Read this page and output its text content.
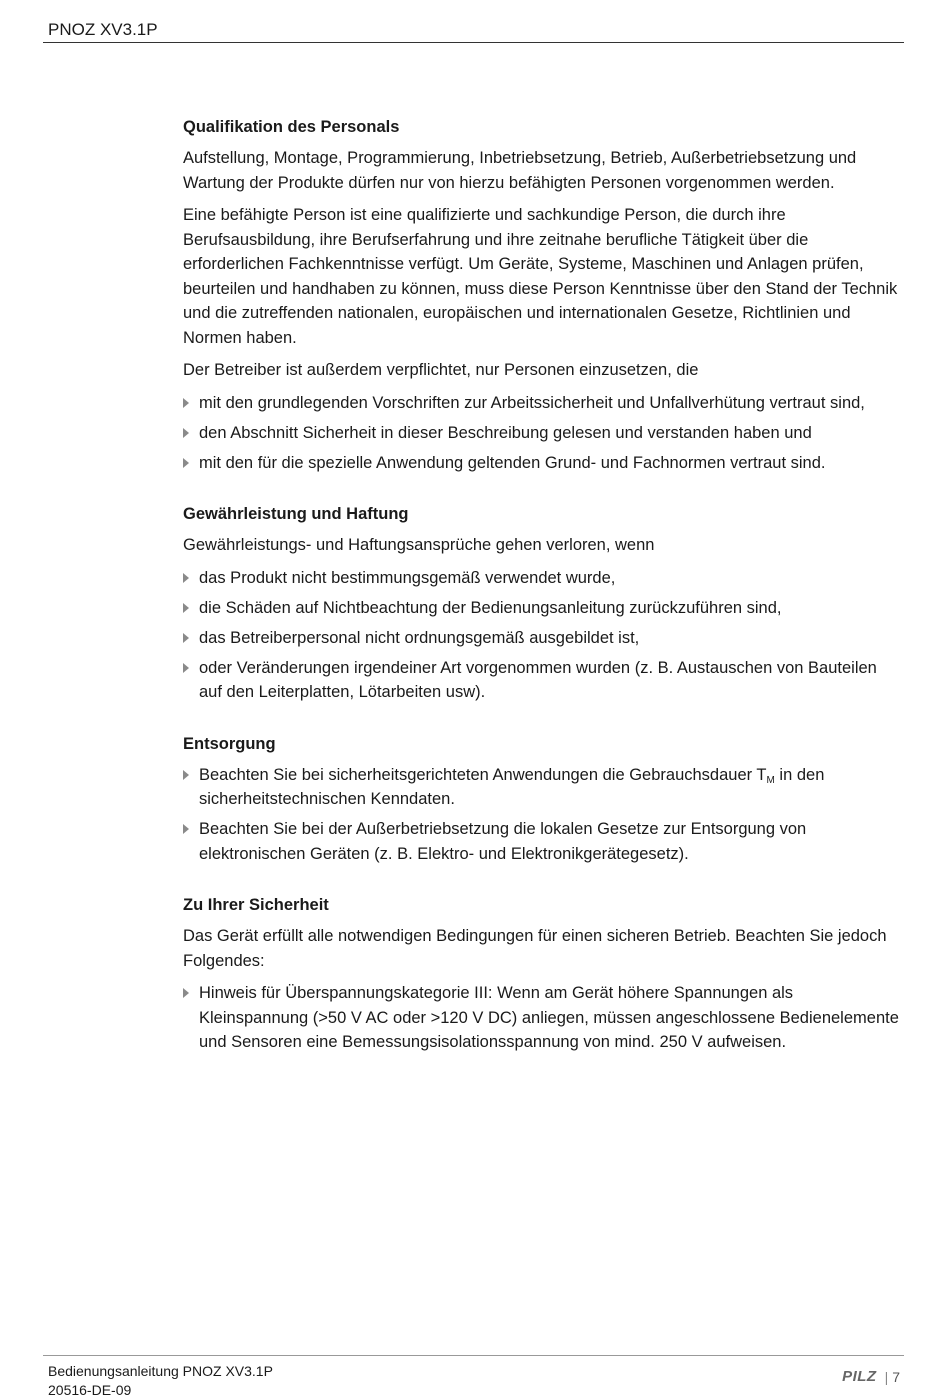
PNOZ XV3.1P
Qualifikation des Personals

Aufstellung, Montage, Programmierung, Inbetriebsetzung, Betrieb, Außerbetriebsetzung und Wartung der Produkte dürfen nur von hierzu befähigten Personen vorgenommen werden.

Eine befähigte Person ist eine qualifizierte und sachkundige Person, die durch ihre Berufsausbildung, ihre Berufserfahrung und ihre zeitnahe berufliche Tätigkeit über die erforderlichen Fachkenntnisse verfügt. Um Geräte, Systeme, Maschinen und Anlagen prüfen, beurteilen und handhaben zu können, muss diese Person Kenntnisse über den Stand der Technik und die zutreffenden nationalen, europäischen und internationalen Gesetze, Richtlinien und Normen haben.

Der Betreiber ist außerdem verpflichtet, nur Personen einzusetzen, die

mit den grundlegenden Vorschriften zur Arbeitssicherheit und Unfallverhütung vertraut sind,
den Abschnitt Sicherheit in dieser Beschreibung gelesen und verstanden haben und
mit den für die spezielle Anwendung geltenden Grund- und Fachnormen vertraut sind.
Gewährleistung und Haftung

Gewährleistungs- und Haftungsansprüche gehen verloren, wenn

das Produkt nicht bestimmungsgemäß verwendet wurde,
die Schäden auf Nichtbeachtung der Bedienungsanleitung zurückzuführen sind,
das Betreiberpersonal nicht ordnungsgemäß ausgebildet ist,
oder Veränderungen irgendeiner Art vorgenommen wurden (z. B. Austauschen von Bauteilen auf den Leiterplatten, Lötarbeiten usw).
Entsorgung
Beachten Sie bei sicherheitsgerichteten Anwendungen die Gebrauchsdauer $T_M$ in den sicherheitstechnischen Kenndaten.
Beachten Sie bei der Außerbetriebsetzung die lokalen Gesetze zur Entsorgung von elektronischen Geräten (z. B. Elektro- und Elektronikgerätegesetz).
Zu Ihrer Sicherheit

Das Gerät erfüllt alle notwendigen Bedingungen für einen sicheren Betrieb. Beachten Sie jedoch Folgendes:

Hinweis für Überspannungskategorie III: Wenn am Gerät höhere Spannungen als Kleinspannung (>50 V AC oder >120 V DC) anliegen, müssen angeschlossene Bedienelemente und Sensoren eine Bemessungsisolationsspannung von mind. 250 V aufweisen.
Bedienungsanleitung PNOZ XV3.1P
20516-DE-09
PILZ | 7
